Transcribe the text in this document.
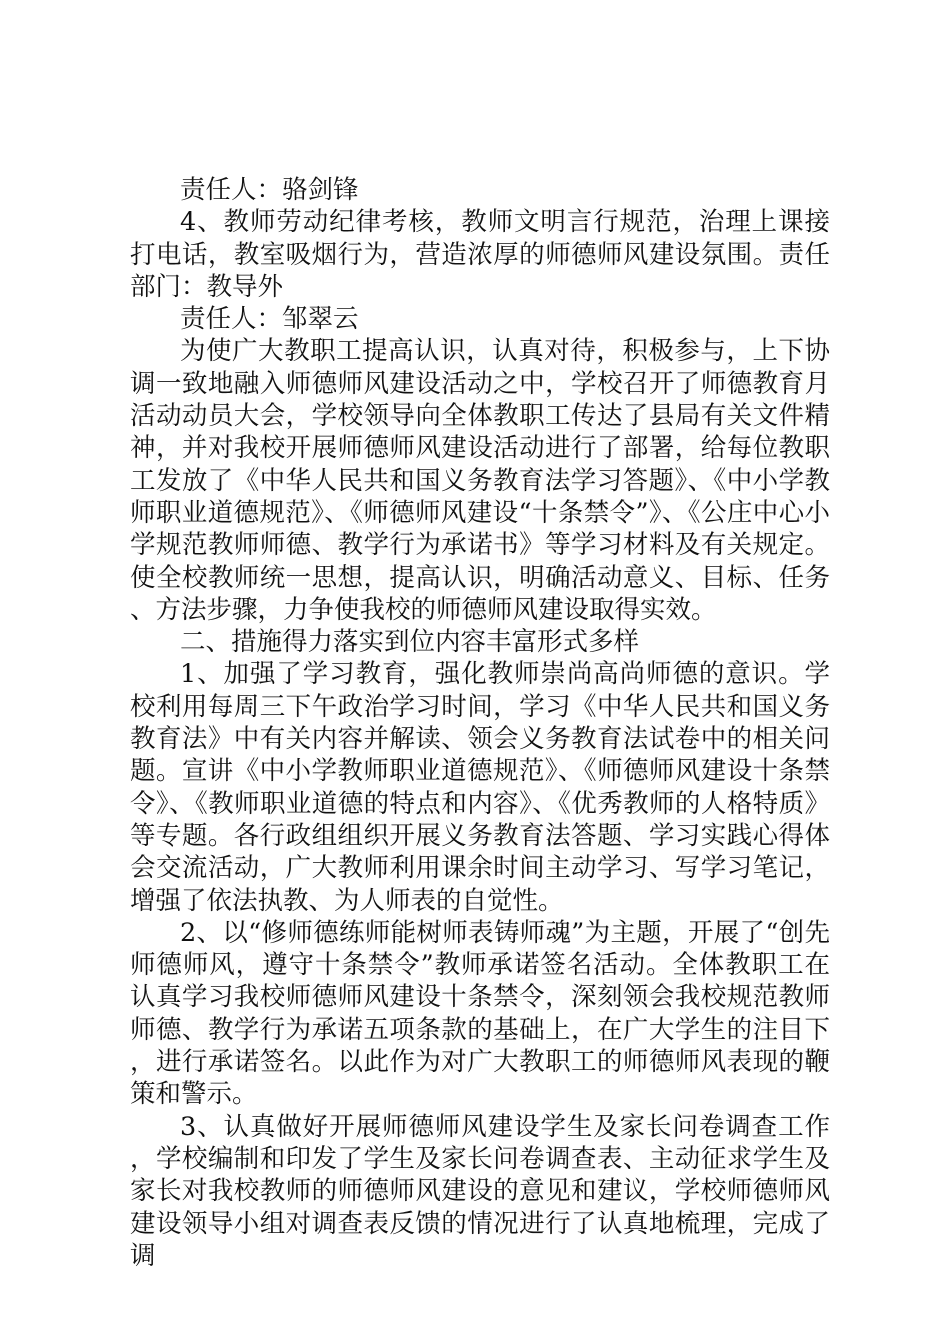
责任人：骆剑锋

4、教师劳动纪律考核，教师文明言行规范，治理上课接打电话，教室吸烟行为，营造浓厚的师德师风建设氛围。责任部门：教导外

责任人：邹翠云

为使广大教职工提高认识，认真对待，积极参与，上下协调一致地融入师德师风建设活动之中，学校召开了师德教育月活动动员大会，学校领导向全体教职工传达了县局有关文件精神，并对我校开展师德师风建设活动进行了部署，给每位教职工发放了《中华人民共和国义务教育法学习答题》、《中小学教师职业道德规范》、《师德师风建设“十条禁令”》、《公庄中心小学规范教师师德、教学行为承诺书》等学习材料及有关规定。使全校教师统一思想，提高认识，明确活动意义、目标、任务、方法步骤，力争使我校的师德师风建设取得实效。

二、措施得力落实到位内容丰富形式多样

1、加强了学习教育，强化教师崇尚高尚师德的意识。学校利用每周三下午政治学习时间，学习《中华人民共和国义务教育法》中有关内容并解读、领会义务教育法试卷中的相关问题。宣讲《中小学教师职业道德规范》、《师德师风建设十条禁令》、《教师职业道德的特点和内容》、《优秀教师的人格特质》等专题。各行政组组织开展义务教育法答题、学习实践心得体会交流活动，广大教师利用课余时间主动学习、写学习笔记，增强了依法执教、为人师表的自觉性。

2、以“修师德练师能树师表铸师魂”为主题，开展了“创先师德师风，遵守十条禁令”教师承诺签名活动。全体教职工在认真学习我校师德师风建设十条禁令，深刻领会我校规范教师师德、教学行为承诺五项条款的基础上，在广大学生的注目下，进行承诺签名。以此作为对广大教职工的师德师风表现的鞭策和警示。

3、认真做好开展师德师风建设学生及家长问卷调查工作，学校编制和印发了学生及家长问卷调查表、主动征求学生及家长对我校教师的师德师风建设的意见和建议，学校师德师风建设领导小组对调查表反馈的情况进行了认真地梳理，完成了调
